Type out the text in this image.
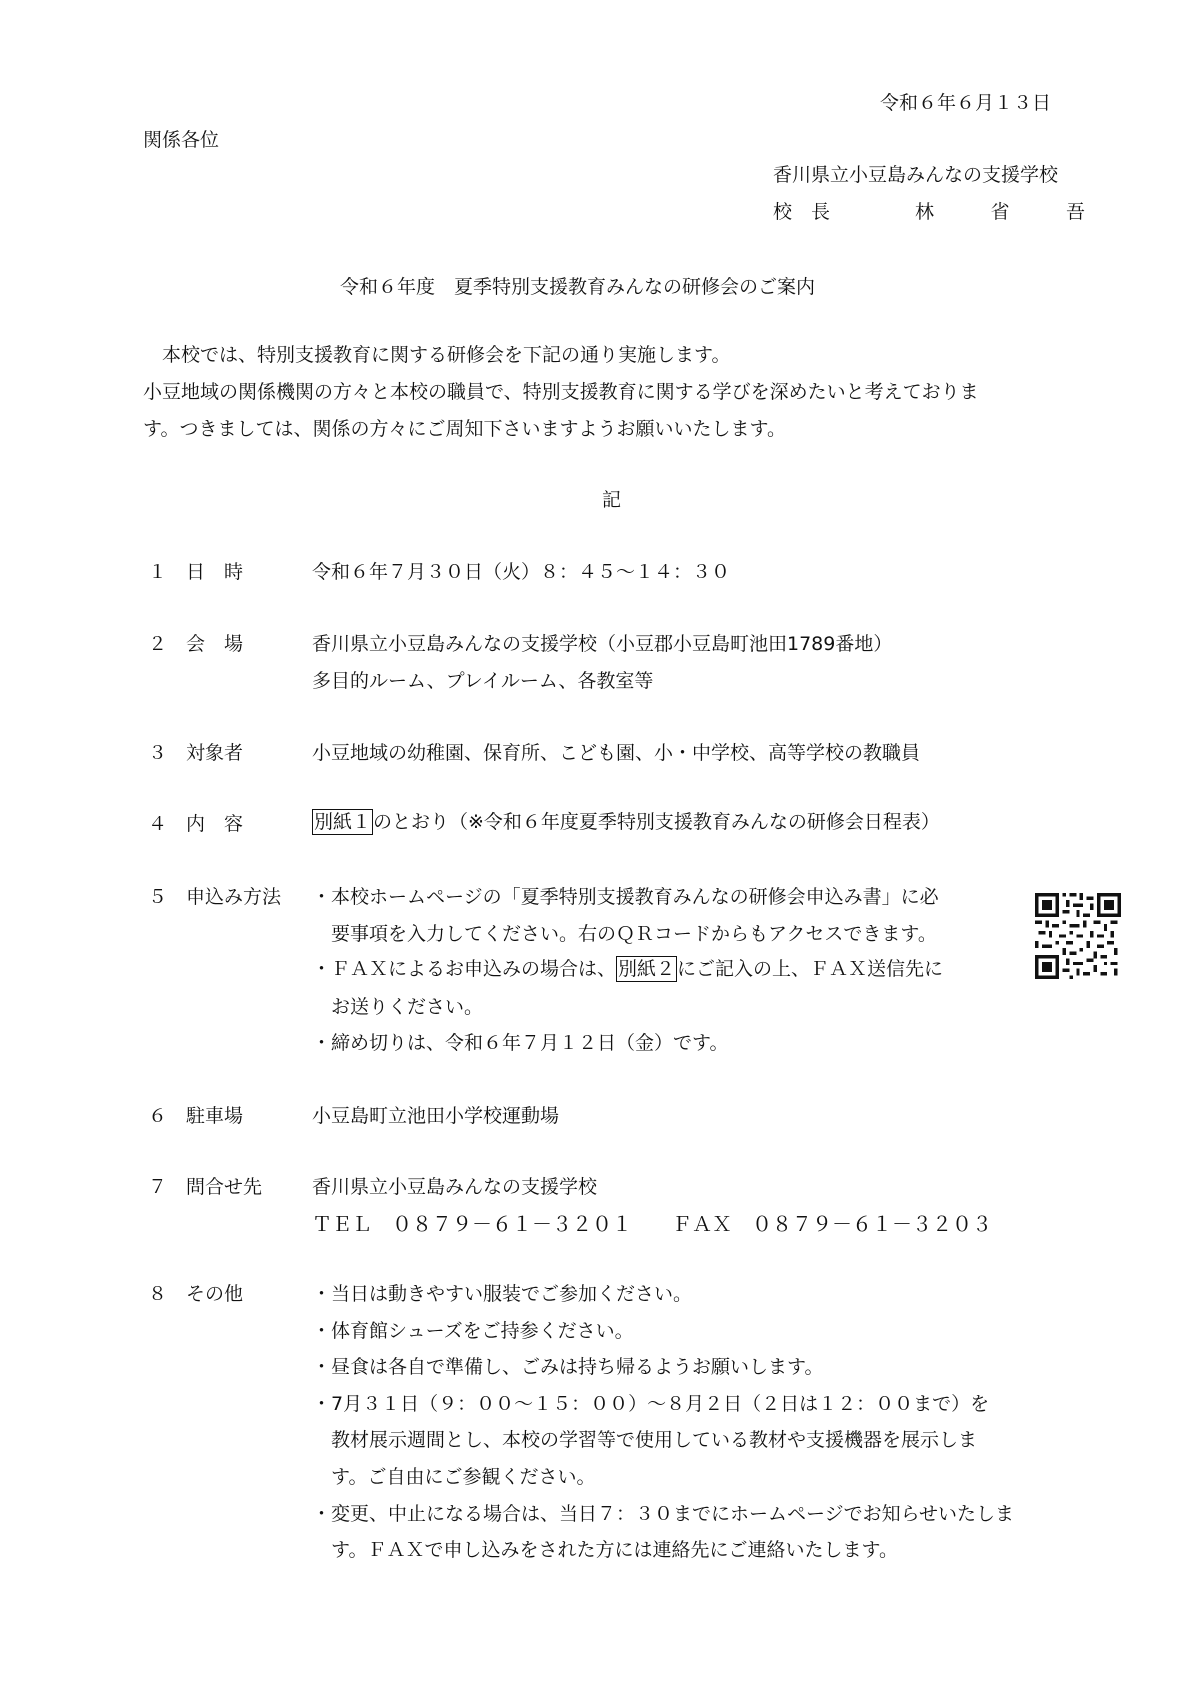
令和６年６月１３日
関係各位
香川県立小豆島みんなの支援学校
校　長	林	省	吾
令和６年度　夏季特別支援教育みんなの研修会のご案内
　本校では、特別支援教育に関する研修会を下記の通り実施します。
小豆地域の関係機関の方々と本校の職員で、特別支援教育に関する学びを深めたいと考えておりま
す。つきましては、関係の方々にご周知下さいますようお願いいたします。
記
１ 日　時	令和６年７月３０日（火）８：４５～１４：３０
２ 会　場	香川県立小豆島みんなの支援学校（小豆郡小豆島町池田1789番地）
多目的ルーム、プレイルーム、各教室等
３ 対象者	小豆地域の幼稚園、保育所、こども園、小・中学校、高等学校の教職員
４ 内　容	別紙１ のとおり（※令和６年度夏季特別支援教育みんなの研修会日程表）
５ 申込み方法 ・本校ホームページの「夏季特別支援教育みんなの研修会申込み書」に必
　要事項を入力してください。右のＱＲコードからもアクセスできます。
・ＦＡＸによるお申込みの場合は、 別紙２ にご記入の上、ＦＡＸ送信先に
　お送りください。
・締め切りは、令和６年７月１２日（金）です。
６ 駐車場	小豆島町立池田小学校運動場
７ 問合せ先	香川県立小豆島みんなの支援学校
ＴＥＬ　０８７９－６１－３２０１　　ＦＡＸ　０８７９－６１－３２０３
８ その他	・当日は動きやすい服装でご参加ください。
・体育館シューズをご持参ください。
・昼食は各自で準備し、ごみは持ち帰るようお願いします。
・7月３１日（９：００～１５：００）～８月２日（２日は１２：００まで）を
　教材展示週間とし、本校の学習等で使用している教材や支援機器を展示しま
　す。ご自由にご参観ください。
・変更、中止になる場合は、当日７：３０までにホームページでお知らせいたしま
　す。ＦＡＸで申し込みをされた方には連絡先にご連絡いたします。
